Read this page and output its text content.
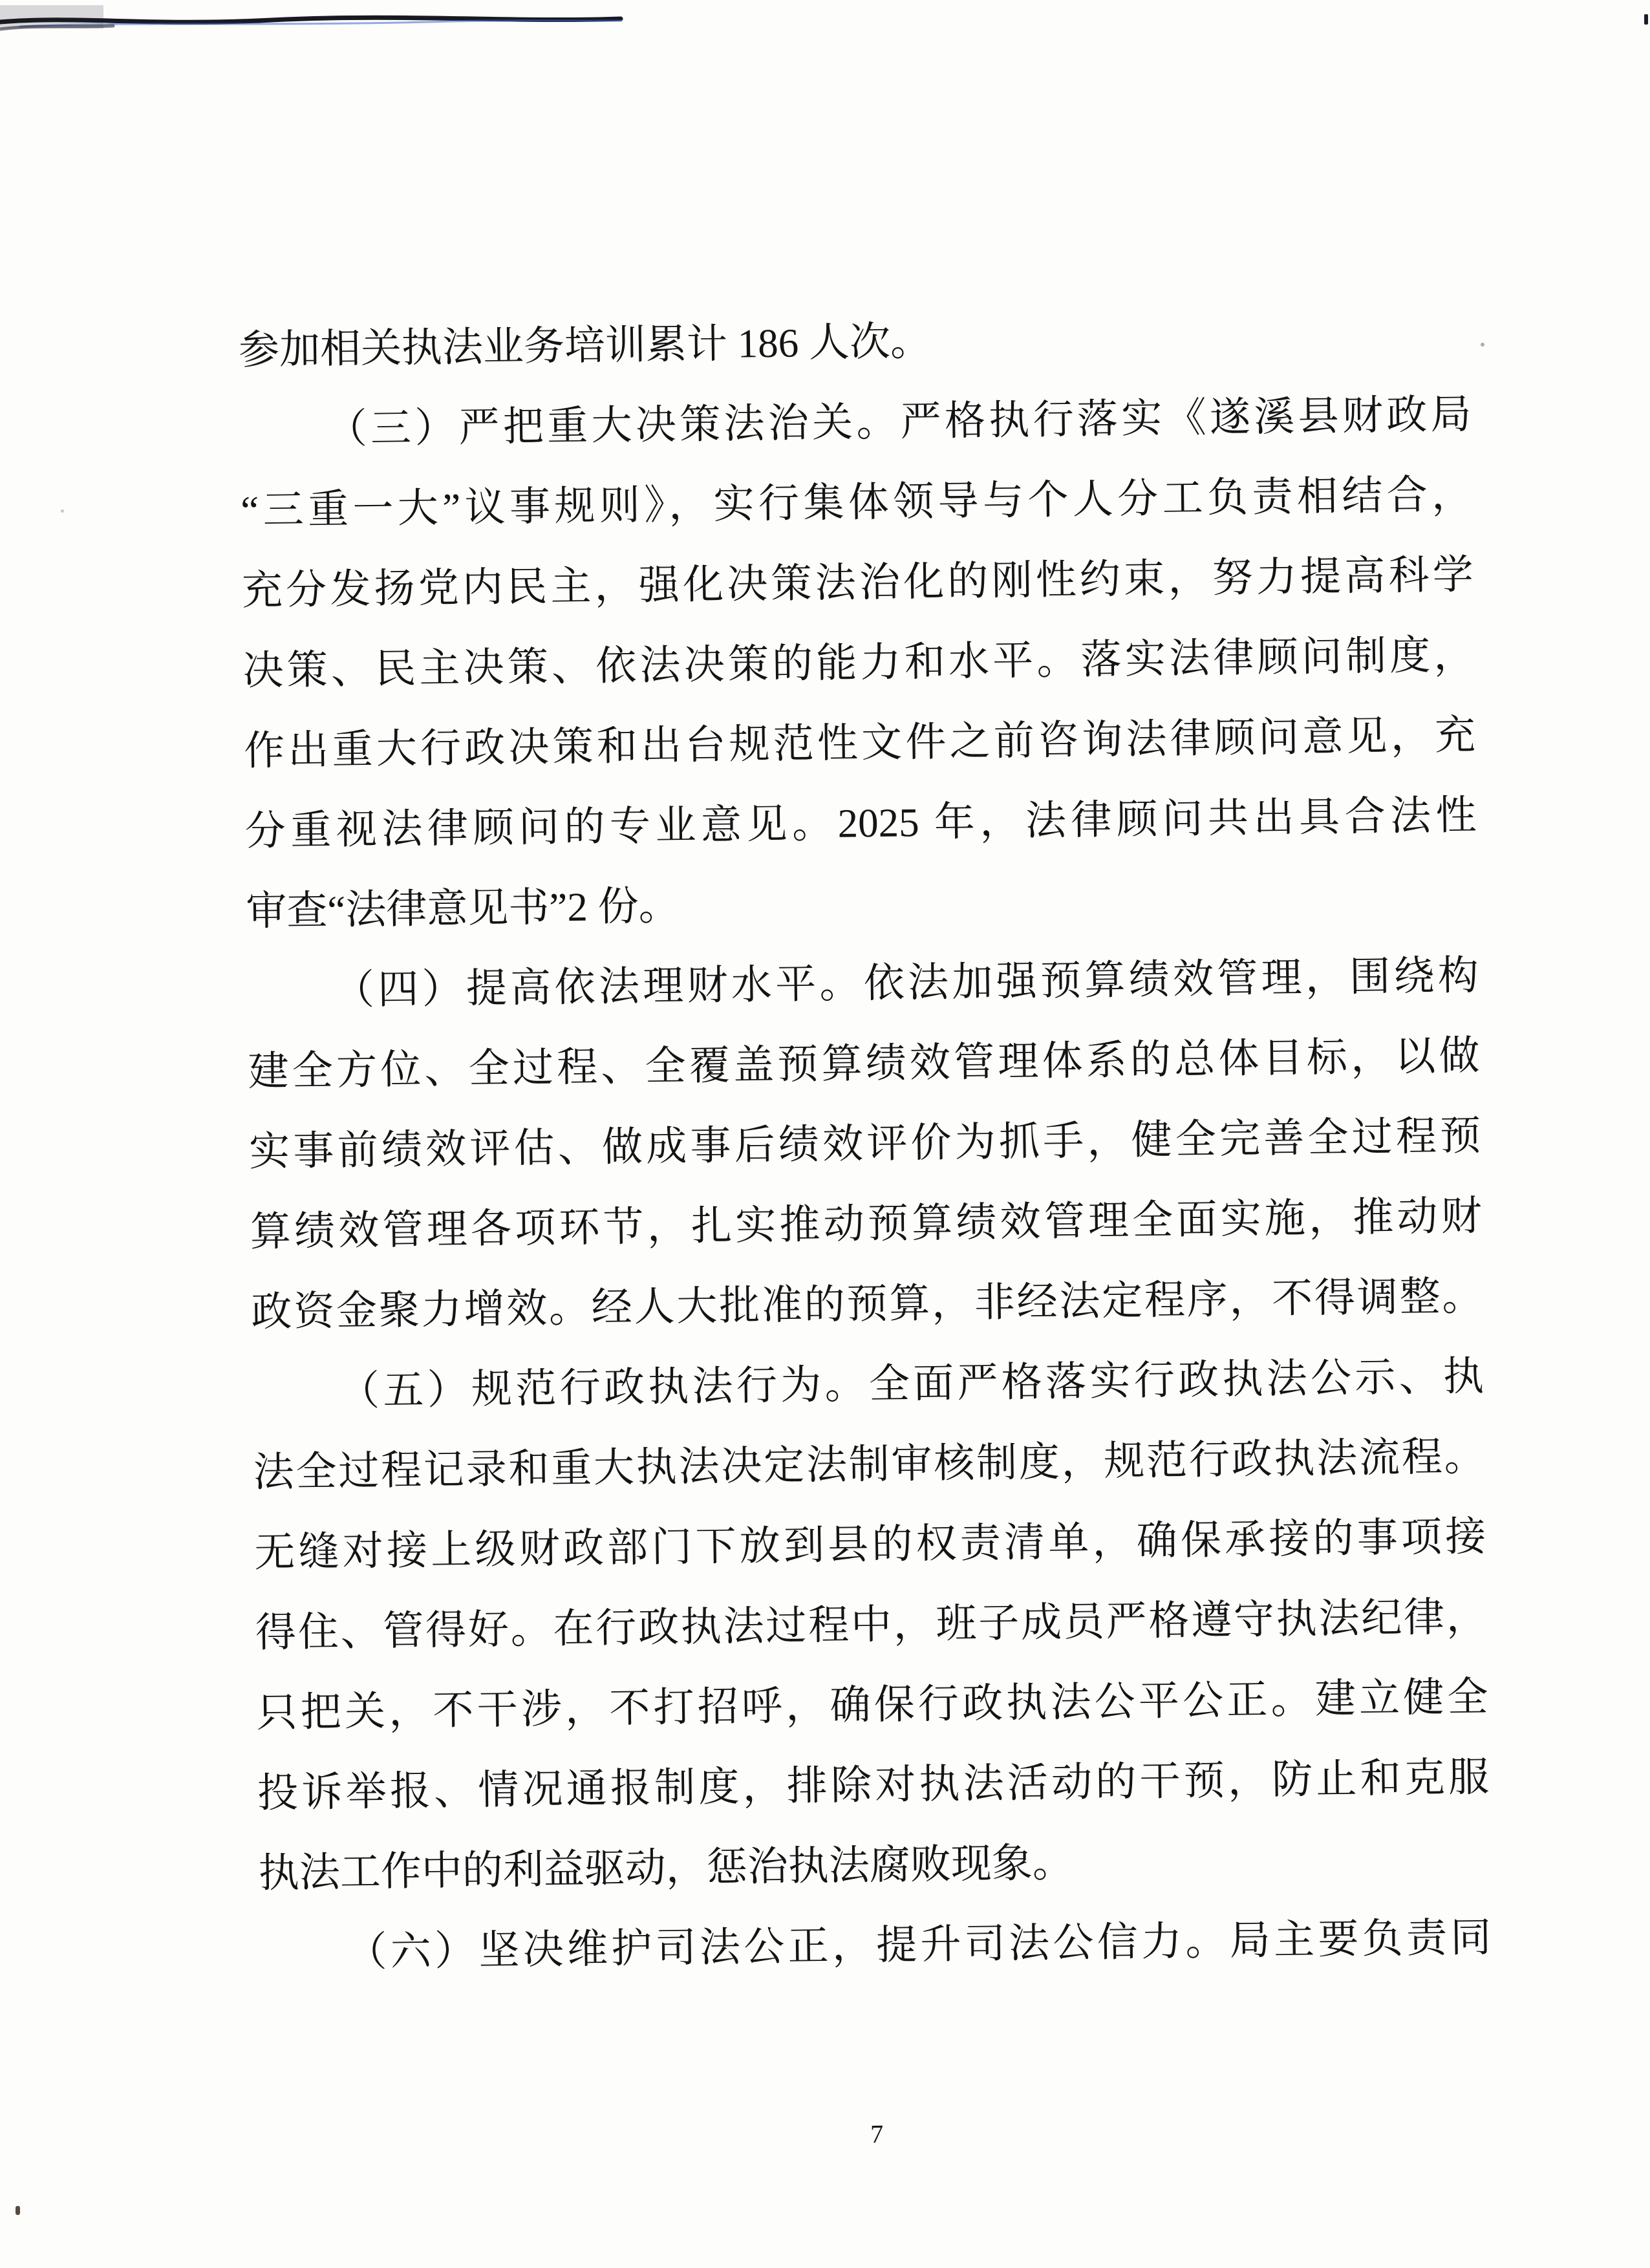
参加相关执法业务培训累计 186 人次。
（三）严把重大决策法治关。严格执行落实《遂溪县财政局
“三重一大”议事规则》，实行集体领导与个人分工负责相结合，
充分发扬党内民主，强化决策法治化的刚性约束，努力提高科学
决策、民主决策、依法决策的能力和水平。落实法律顾问制度，
作出重大行政决策和出台规范性文件之前咨询法律顾问意见，充
分重视法律顾问的专业意见。2025 年，法律顾问共出具合法性
审查“法律意见书”2 份。
（四）提高依法理财水平。依法加强预算绩效管理，围绕构
建全方位、全过程、全覆盖预算绩效管理体系的总体目标，以做
实事前绩效评估、做成事后绩效评价为抓手，健全完善全过程预
算绩效管理各项环节，扎实推动预算绩效管理全面实施，推动财
政资金聚力增效。经人大批准的预算，非经法定程序，不得调整。
（五）规范行政执法行为。全面严格落实行政执法公示、执
法全过程记录和重大执法决定法制审核制度，规范行政执法流程。
无缝对接上级财政部门下放到县的权责清单，确保承接的事项接
得住、管得好。在行政执法过程中，班子成员严格遵守执法纪律，
只把关，不干涉，不打招呼，确保行政执法公平公正。建立健全
投诉举报、情况通报制度，排除对执法活动的干预，防止和克服
执法工作中的利益驱动，惩治执法腐败现象。
（六）坚决维护司法公正，提升司法公信力。局主要负责同
7
